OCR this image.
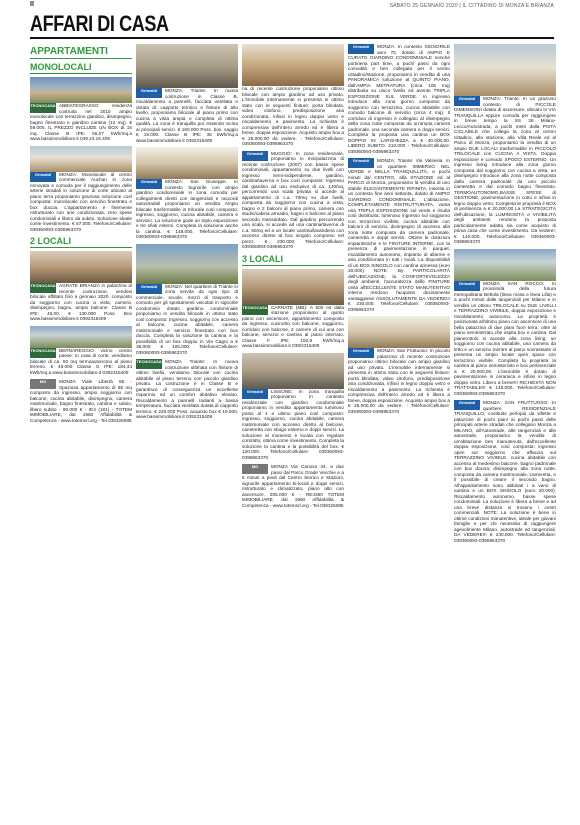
II	SABATO 25 GENNAIO 2020 | IL CITTADINO DI MONZA E BRIANZA
AFFARI DI CASA
APPARTAMENTI
MONOLOCALI
TECNOCASA ABBIATEGRASSO residenza costruita nel 2015 ampio monolocale con terrazzino giardino, disimpegno, bagno finestrato e giardino cantina (12 mq). € 59.000. IL PREZZO INCLUDE UN BOX di 15 mq. Classe B IPE: 56,07 kWh/mq.a www.bassimmobiliare.it 039.23.15.409
Grimaldi	MONZA: Monolocale al centro commerciale Auchan in zona rinnovata e comoda per il raggiungimento delle arterie stradali in soluzione di corte ubicato al piano terra proponiamo graziosa soluzione così composta: monolocale con servizio finestrato e box doccia. L'appartamento è finemente ristrutturato con arie condizionata, zero spese condominiali e libero da subito. Soluzione ideale come investimento. € 57.000. Telefono/Cellulare: 039360093-0395963370
2 LOCALI
TECNOCASA AGRATE BRIANZA in palazzina di recente costruzione, vendesi bilocale affittato fino a gennaio 2020. composto da soggiorno con cucina a vista, camera, disimpegno, bagno, ampio balcone. Classe B IPE: 46,00. € 130.000 Poss. Box www.bassimmobiliare.it 0392315409
TECNOCASA BERNAREGGIO vicino centro paese: In casa di corte, vendiamo bilocale di ca. 60 mq termoautonomo al piano terreno. € 49.000 Classe G IPE: 184,44 kWh/mq.a www.bassimmobiliare.it 0392315409
MG	MONZA Viale Libertà 85 - Spaziosa appartamento di 85 mq composto da ingresso, ampio soggiorno con balcone, cucina abitabile, disimpegno, camera matrimoniale, bagno finestrato, cantina e solaio, libero subito - 90.000 € - IE4 (181) - TOTEM IMMOBILIARE, dal 1960 Affidabilità & Competenza - www.totemsrl.org - Tel.039325085
Grimaldi	MONZA: Triante: In nuova costruzione in Classe B, riscaldamento a pannelli, facciata ventilata e dotata di: cappotto termico e finiture di alto livello, proponiamo bilocale al piano primo con cucina a vista ampia e completa di ottima qualità. La zona è tranquilla pur essendo vicina ai principali servizi. € 160.000 Poss. box. saggio € 19.000. Classe B IPE: 35 kWh/mq.a www.bassimmobiliare.it 0392315409
Grimaldi	MONZA: San Giuseppe. In contesto Signorile con ampio giardino condominiale in zona comoda per collegamenti diretti con tangenziali e raccordi autostradali proponiamo un vendita Ampio bilocale trasformabile in trilocale così composto: ingresso, soggiorno, cucina abitabile, camera e servizio. La soluzione gode un triplo esposizione e tre sfiati esterni. Completa la soluzione anche la cantina. € 148.000. Telefono/Cellulare: 039360093-0395963370
Grimaldi	MONZA: Nel quartiere di Triante in zona servita da ogni tipo di commerciale, scuole, mezzi di trasporto e comodo per gli spostamenti veicolari in signorile condominio dotato giardino condominiale proponiamo in vendita bilocale in ottimo stato così composto: Ingresso, soggiorno con accesso al balcone, cucina abitabile, camera matrimoniale e servizio finestrato con box doccia. Completa la soluzione la cantina e la possibilità di un box doppio in Via Cagni a € 38.000. € 105.000. Telefono/Cellulare: 039360093-0395963370
TECNOCASA MONZA Triante: In nuova costruzione ultimata con finiture di ottimo livello, vendiamo bilocale con cucina abitabile al piano terreno con piccolo giardino privato. La costruzione è in Classe B e garantisce di conseguenza un eccellente risparmio ed un comfort abitativo elevato. Riscaldamento a pannelli radianti a bassa temperatura, facciata ventilata dotata di cappotto termico. € 220.000 Poss. acquisto box € 19.000. www.bassimmobiliare.it 0392315409
na di recente costruzione proponiamo ottimo bilocale con ampio giardino ad uso privato. L'immobile internamente si presenta in ottimo stato con le seguenti finiture: porta blindata, video citofono, predisposizione aria condizionata, infissi in legno doppio vetro e riscaldamento a pavimento. La richiesta è comprensiva dell'intero arredo ed è libera a breve, doppia esposizione. Acquisto ampio box a € 25.000,00 da vedere. - Telefono/Cellulare: 039360093-0395963370
Grimaldi	MUGGIÒ: In zona residenziale, proponiamo in minipalazzina di recente costruzione (2007) con basse spese condominiali, appartamento su due livelli con ingresso semi-indipendente, giardino, cantina/taverna e box così composto: Ingresso dal giardino ad uso esclusivo di ca. 140mq, percorrendo una scala privata si accede al appartamento di c.a. 70mq su due livelli, composta da soggiorno con cucina a vista, bagno e 2 balconi al piano primo, camera con studio/cabina armadio, bagno e balcone al piano secondo mansardato. Dal giardino percorrendo una scala, si accede ad una cantina/taverna di c.a. 50mq ed a un locale cantina/lavanderia con accesso diretto al box singolo compreso nel prezz. € 230.000. Telefono/Cellulare: 039360093-0395963370
3 LOCALI
TECNOCASA CARNATE (MB): A 500 mt dalla stazione proponiamo al quinto piano con ascensore, appartamento composto da ingresso, cucinotto con balcone, soggiorno, corridoio con balcone, 2 camere di cui una con balcone, servizio e cantina al piano interrato. Classe F IPE: 192,9 kWh/mq.a www.bassimmobiliare.it 039/2315409
Grimaldi	LISSONE: In zona tranquilla proponiamo in contesto residenziale con giardino condominiale proponiamo in vendita appartamento luminoso posto al 4 e ultimo piano così composto: ingresso, soggiorno, cucina abitabile, camera matrimoniale con accesso diretto al balcone, cameretta con sbogo esterno e doppi servizi. La soluzione al momento è locata con regolare contratto, ottima come investimento. Completa la soluzione la cantina e la possibilità del box. € 130.000. Telefono/Cellulare: 039360093-0395963370
MG	MONZA Via Canova 34, a due passi dal Parco Grade Vecchie e a 5 minuti a piedi dal Centro Storico e Stazioni, signorile appartamento bi-locali e doppi servizi, ristrutturato e climatizzato, piano alto con ascensore. 205.000 € - RE4350 TOTEM IMMOBILIARE, dal 1960 Affidabilità & Competenza - www.totemsrl.org - Tel.039325085
Grimaldi	MONZA: In contesto SIGNORILE anni 70, dotato di AMPIO E CURATO GIARDINO CONDOMINIALE nonché portineria part time, a pochi passi da ogni comodità e ben collegata per il centro cittadino/stazione, proponiamo in vendita di una PANORAMICA soluzione al QUINTO PIANO, dall'AMPIA METRATURA (circa 105 mq) distribuita su unico livello ed avente TRIPLA ESPOSIZIONE SUL VERDE. In ingresso introduce alla zona giorno composto da soggiorno con terrazzino, cucina abitabile con comodo balcone di servizio (circa 4 mq). Il corridoio di ingresso è collegato al disimpegno della zona notte composta da un'ampia camera padronale, una seconda camera e doppi servizi. Completa la proposta una cantina un BOX DOPPIO IN LARGHEZZA a € 40.000,00. LIBERO SUBITO. 210.000 - Telefono/Cellulare: 039360093-0395963370
Grimaldi	MONZA: Triante: Via Valsesia. In un quartiere IMMERSO NEL VERDE e NELLA TRANQUILLITÀ, a pochi minuti dal CENTRO, alla STAZIONE ed al PARCO di Monza, proponiamo la vendita di uno stabile ELEGANTEMENTE RIFINITA, inserita in un contesto fine anni settanta, dotato di AMPIO GIARDINO CONDOMINIALE. L'abitazione, COMPLETAMENTE RISTRUTTURATA, vanta una TRIPLA ESPOSIZIONE sul verde e risulta così distribuita: luminoso ingresso sul soggiorno con terrazzino vivibile, cucina abitabile con balconi di servizio, disimpegno di accesso alla zona notte composta da camera padronale, cameretta e doppi servizi. Ottime le dotazioni impiantistiche e le FINITURE INTERNE, con la presenza di pavimentazione in parquet, riscaldamento autonomo, impianto di allarme e aria condizionata in tutti i locali. La disponibilità di un BOX SINGOLO con cantina annessa (euro 20.000) NOTE: By PARTICOLARITÀ dell'UBICAZIONE, la CONFORTEVOLEZZA degli ambienti, l'accuratezza delle FINITURE unita all'ECCELLENTE STATO MANUTENTIVO interno rendono l'acquisto decisamente vantaggioso! ASSOLUTAMENTE DA VEDERE!!! € 230.000. Telefono/Cellulare: 039360093-0395963370
Grimaldi	MONZA: San Fruttuoso: In piccolo palazzina di recente costruzione proponiamo ottimo bilocale con ampio giardino ad uso privato. L'immobile internamente si presenta in ottimo stato con le seguenti finiture: porta blindata, video citofono, predisposizione aria condizionata, infissi in legno doppio vetro e riscaldamento a pavimento. La richiesta è comprensiva dell'intero arredo ed è libera a breve, doppia esposizione. Acquisto ampio box a € 25.000,00 da vedere. - Telefono/Cellulare: 039360093-0395963370
Grimaldi	MONZA: Triante: In un grazioso contesto di PICCOLE DIMENSIONI dotato di ascensore, ubicato in VIA TRANQUILLA eppure comoda per raggiungere in breve tempo la SS 36 Milano-Lecco/Autostrada, a pochi metri dalla PISTA CICLABILE che collega la zona al centro cittadino, alla stazione, alla Villa Reale ed al Parco di Monza, proponiamo la vendita di un ampio DUE LOCALI trasformabile in PICCOLO TRILOCALE con CUCINA A VISTA. Doppia esposizione e comodo SPOGO ESTERNO. Un ingresso living introduce alla zona giorno composta dal soggiorno con cucina a vista, un disimpegno introduce alla zona notte composta dalla camera padronale da uno piccolo cameretta e dal comodo bagno finestrato. TERMOAUTONOMO,BASSE SPESE di GESTIONE, pavimentazione in cotto e infissi in legno doppio vetro. Completa le proprietà il BOX di pertinenza a € 20.000,00 La STRATEGICITÀ dell'ubicazione, la LUMINOSITÀ e VIVIBILITÀ degli ambienti rendono la proposta particolarmente adatta sia come acquisto di prima casa che come investimento. Da vedere!. € 140.000. Telefono/Cellulare: 039360093-0395963370
Grimaldi	MONZA SAN ROCCO: In prossimità della futura metropolitana Bettola (linea rossa e linea Lilla) e a pochi minuti dalle tangenziali per Milano e in vendita un ottimo TRILOCALE su DUE LIVELLI e TERRAZZINO VIVIBILE, doppia esposizione e riscaldamento autonomo. La proprietà è posizionata all'ultimo piano con ascensore di una bella palazzina di due piani fuori terra, oltre al piano seminterrato che ospita box e cantina. Dal pianerottolo si accede alla zona living: un soggiorno con cucina abitabile, una camera da letto e un servizio mentre al piano sovrastante si presenta un ampio locale open space con terrazzino vivibile. Completa la proprietà la cantina al piano seminterrato e box pertinenziale a € 20.000,00. L'immobile è dotato di pavimentazione in ceramica e infissi in legno doppio vetro. Libero a breve!!! RICHIESTA NON TRATTABILE!!! € 145.000. Telefono/Cellulare: 039360093-0395963370
Grimaldi	MONZA: SAN FRUTTUOSO: In quartiere RESIDENZIALE TRANQUILLO, costituito perlopiù da villette e palazzine di pochi piani ai pochi passi delle principali arterie stradali che collegano Monza a MILANO, all'Autostrade, alle tangenziali e alle autostrade, proponiamo la vendita di un'abitazione ben manutenuta, dall'eccellente doppia esposizione, così composta: ingresso open sul soggiorno che affaccia sul TERRAZZINO VIVIBILE, cucina abitabile con accesso al medesimo balcone, bagno padronale con box doccia; disimpegno alla zona notte, composta da camera matrimoniale, cameretta, e il possibile di creare il secondo bagno. All'appartamento sono abbinati i a vano di cantina e un BOX SINGOLO (euro 20.000). Riscaldamento autonomo, basse spese condominiali. La soluzione è libera a breve e ad una breve distanza si trovano i centri commerciali. NOTE: La soluzione è bene in ottime condizioni manutentive, ideale per giovani famiglie e per chi necessita di raggiungere agevolmente Milano, autostrade ed tangenziali. DA VEDERE!!! € 230.000. Telefono/Cellulare: 039360093-0395963370
